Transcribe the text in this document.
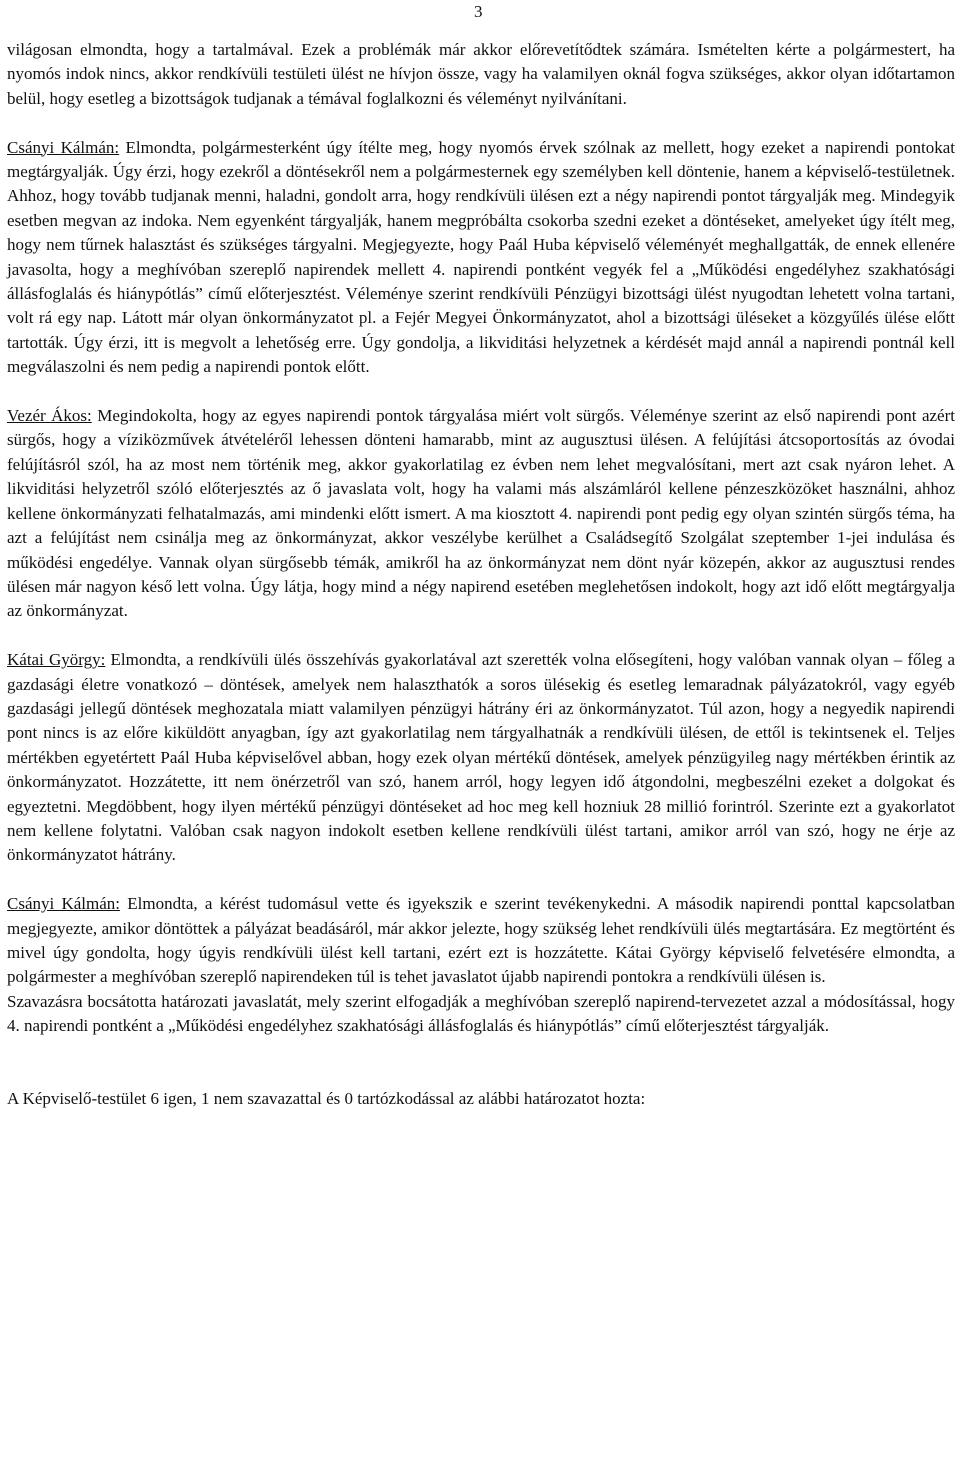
3

világosan elmondta, hogy a tartalmával. Ezek a problémák már akkor előrevetítődtek számára. Ismételten kérte a polgármestert, ha nyomós indok nincs, akkor rendkívüli testületi ülést ne hívjon össze, vagy ha valamilyen oknál fogva szükséges, akkor olyan időtartamon belül, hogy esetleg a bizottságok tudjanak a témával foglalkozni és véleményt nyilvánítani.

Csányi Kálmán: Elmondta, polgármesterként úgy ítélte meg, hogy nyomós érvek szólnak az mellett, hogy ezeket a napirendi pontokat megtárgyalják. Úgy érzi, hogy ezekről a döntésekről nem a polgármesternek egy személyben kell döntenie, hanem a képviselő-testületnek. Ahhoz, hogy tovább tudjanak menni, haladni, gondolt arra, hogy rendkívüli ülésen ezt a négy napirendi pontot tárgyalják meg. Mindegyik esetben megvan az indoka. Nem egyenként tárgyalják, hanem megpróbálta csokorba szedni ezeket a döntéseket, amelyeket úgy ítélt meg, hogy nem tűrnek halasztást és szükséges tárgyalni. Megjegyezte, hogy Paál Huba képviselő véleményét meghallgatták, de ennek ellenére javasolta, hogy a meghívóban szereplő napirendek mellett 4. napirendi pontként vegyék fel a „Működési engedélyhez szakhatósági állásfoglalás és hiánypótlás” című előterjesztést. Véleménye szerint rendkívüli Pénzügyi bizottsági ülést nyugodtan lehetett volna tartani, volt rá egy nap. Látott már olyan önkormányzatot pl. a Fejér Megyei Önkormányzatot, ahol a bizottsági üléseket a közgyűlés ülése előtt tartották. Úgy érzi, itt is megvolt a lehetőség erre. Úgy gondolja, a likviditási helyzetnek a kérdését majd annál a napirendi pontnál kell megválaszolni és nem pedig a napirendi pontok előtt.

Vezér Ákos: Megindokolta, hogy az egyes napirendi pontok tárgyalása miért volt sürgős. Véleménye szerint az első napirendi pont azért sürgős, hogy a víziközművek átvételéről lehessen dönteni hamarabb, mint az augusztusi ülésen. A felújítási átcsoportosítás az óvodai felújításról szól, ha az most nem történik meg, akkor gyakorlatilag ez évben nem lehet megvalósítani, mert azt csak nyáron lehet. A likviditási helyzetről szóló előterjesztés az ő javaslata volt, hogy ha valami más alszámláról kellene pénzeszközöket használni, ahhoz kellene önkormányzati felhatalmazás, ami mindenki előtt ismert. A ma kiosztott 4. napirendi pont pedig egy olyan szintén sürgős téma, ha azt a felújítást nem csinálja meg az önkormányzat, akkor veszélybe kerülhet a Családsegítő Szolgálat szeptember 1-jei indulása és működési engedélye. Vannak olyan sürgősebb témák, amikről ha az önkormányzat nem dönt nyár közepén, akkor az augusztusi rendes ülésen már nagyon késő lett volna. Úgy látja, hogy mind a négy napirend esetében meglehetősen indokolt, hogy azt idő előtt megtárgyalja az önkormányzat.

Kátai György: Elmondta, a rendkívüli ülés összehívás gyakorlatával azt szerették volna elősegíteni, hogy valóban vannak olyan – főleg a gazdasági életre vonatkozó – döntések, amelyek nem halaszthatók a soros ülésekig és esetleg lemaradnak pályázatokról, vagy egyéb gazdasági jellegű döntések meghozatala miatt valamilyen pénzügyi hátrány éri az önkormányzatot. Túl azon, hogy a negyedik napirendi pont nincs is az előre kiküldött anyagban, így azt gyakorlatilag nem tárgyalhatnák a rendkívüli ülésen, de ettől is tekintsenek el. Teljes mértékben egyetértett Paál Huba képviselővel abban, hogy ezek olyan mértékű döntések, amelyek pénzügyileg nagy mértékben érintik az önkormányzatot. Hozzátette, itt nem önérzetről van szó, hanem arról, hogy legyen idő átgondolni, megbeszélni ezeket a dolgokat és egyeztetni. Megdöbbent, hogy ilyen mértékű pénzügyi döntéseket ad hoc meg kell hozniuk 28 millió forintról. Szerinte ezt a gyakorlatot nem kellene folytatni. Valóban csak nagyon indokolt esetben kellene rendkívüli ülést tartani, amikor arról van szó, hogy ne érje az önkormányzatot hátrány.

Csányi Kálmán: Elmondta, a kérést tudomásul vette és igyekszik e szerint tevékenykedni. A második napirendi ponttal kapcsolatban megjegyezte, amikor döntöttek a pályázat beadásáról, már akkor jelezte, hogy szükség lehet rendkívüli ülés megtartására. Ez megtörtént és mivel úgy gondolta, hogy úgyis rendkívüli ülést kell tartani, ezért ezt is hozzátette. Kátai György képviselő felvetésére elmondta, a polgármester a meghívóban szereplő napirendeken túl is tehet javaslatot újabb napirendi pontokra a rendkívüli ülésen is.

Szavazásra bocsátotta határozati javaslatát, mely szerint elfogadják a meghívóban szereplő napirend-tervezetet azzal a módosítással, hogy 4. napirendi pontként a „Működési engedélyhez szakhatósági állásfoglalás és hiánypótlás” című előterjesztést tárgyalják.

A Képviselő-testület 6 igen, 1 nem szavazattal és 0 tartózkodással az alábbi határozatot hozta:
